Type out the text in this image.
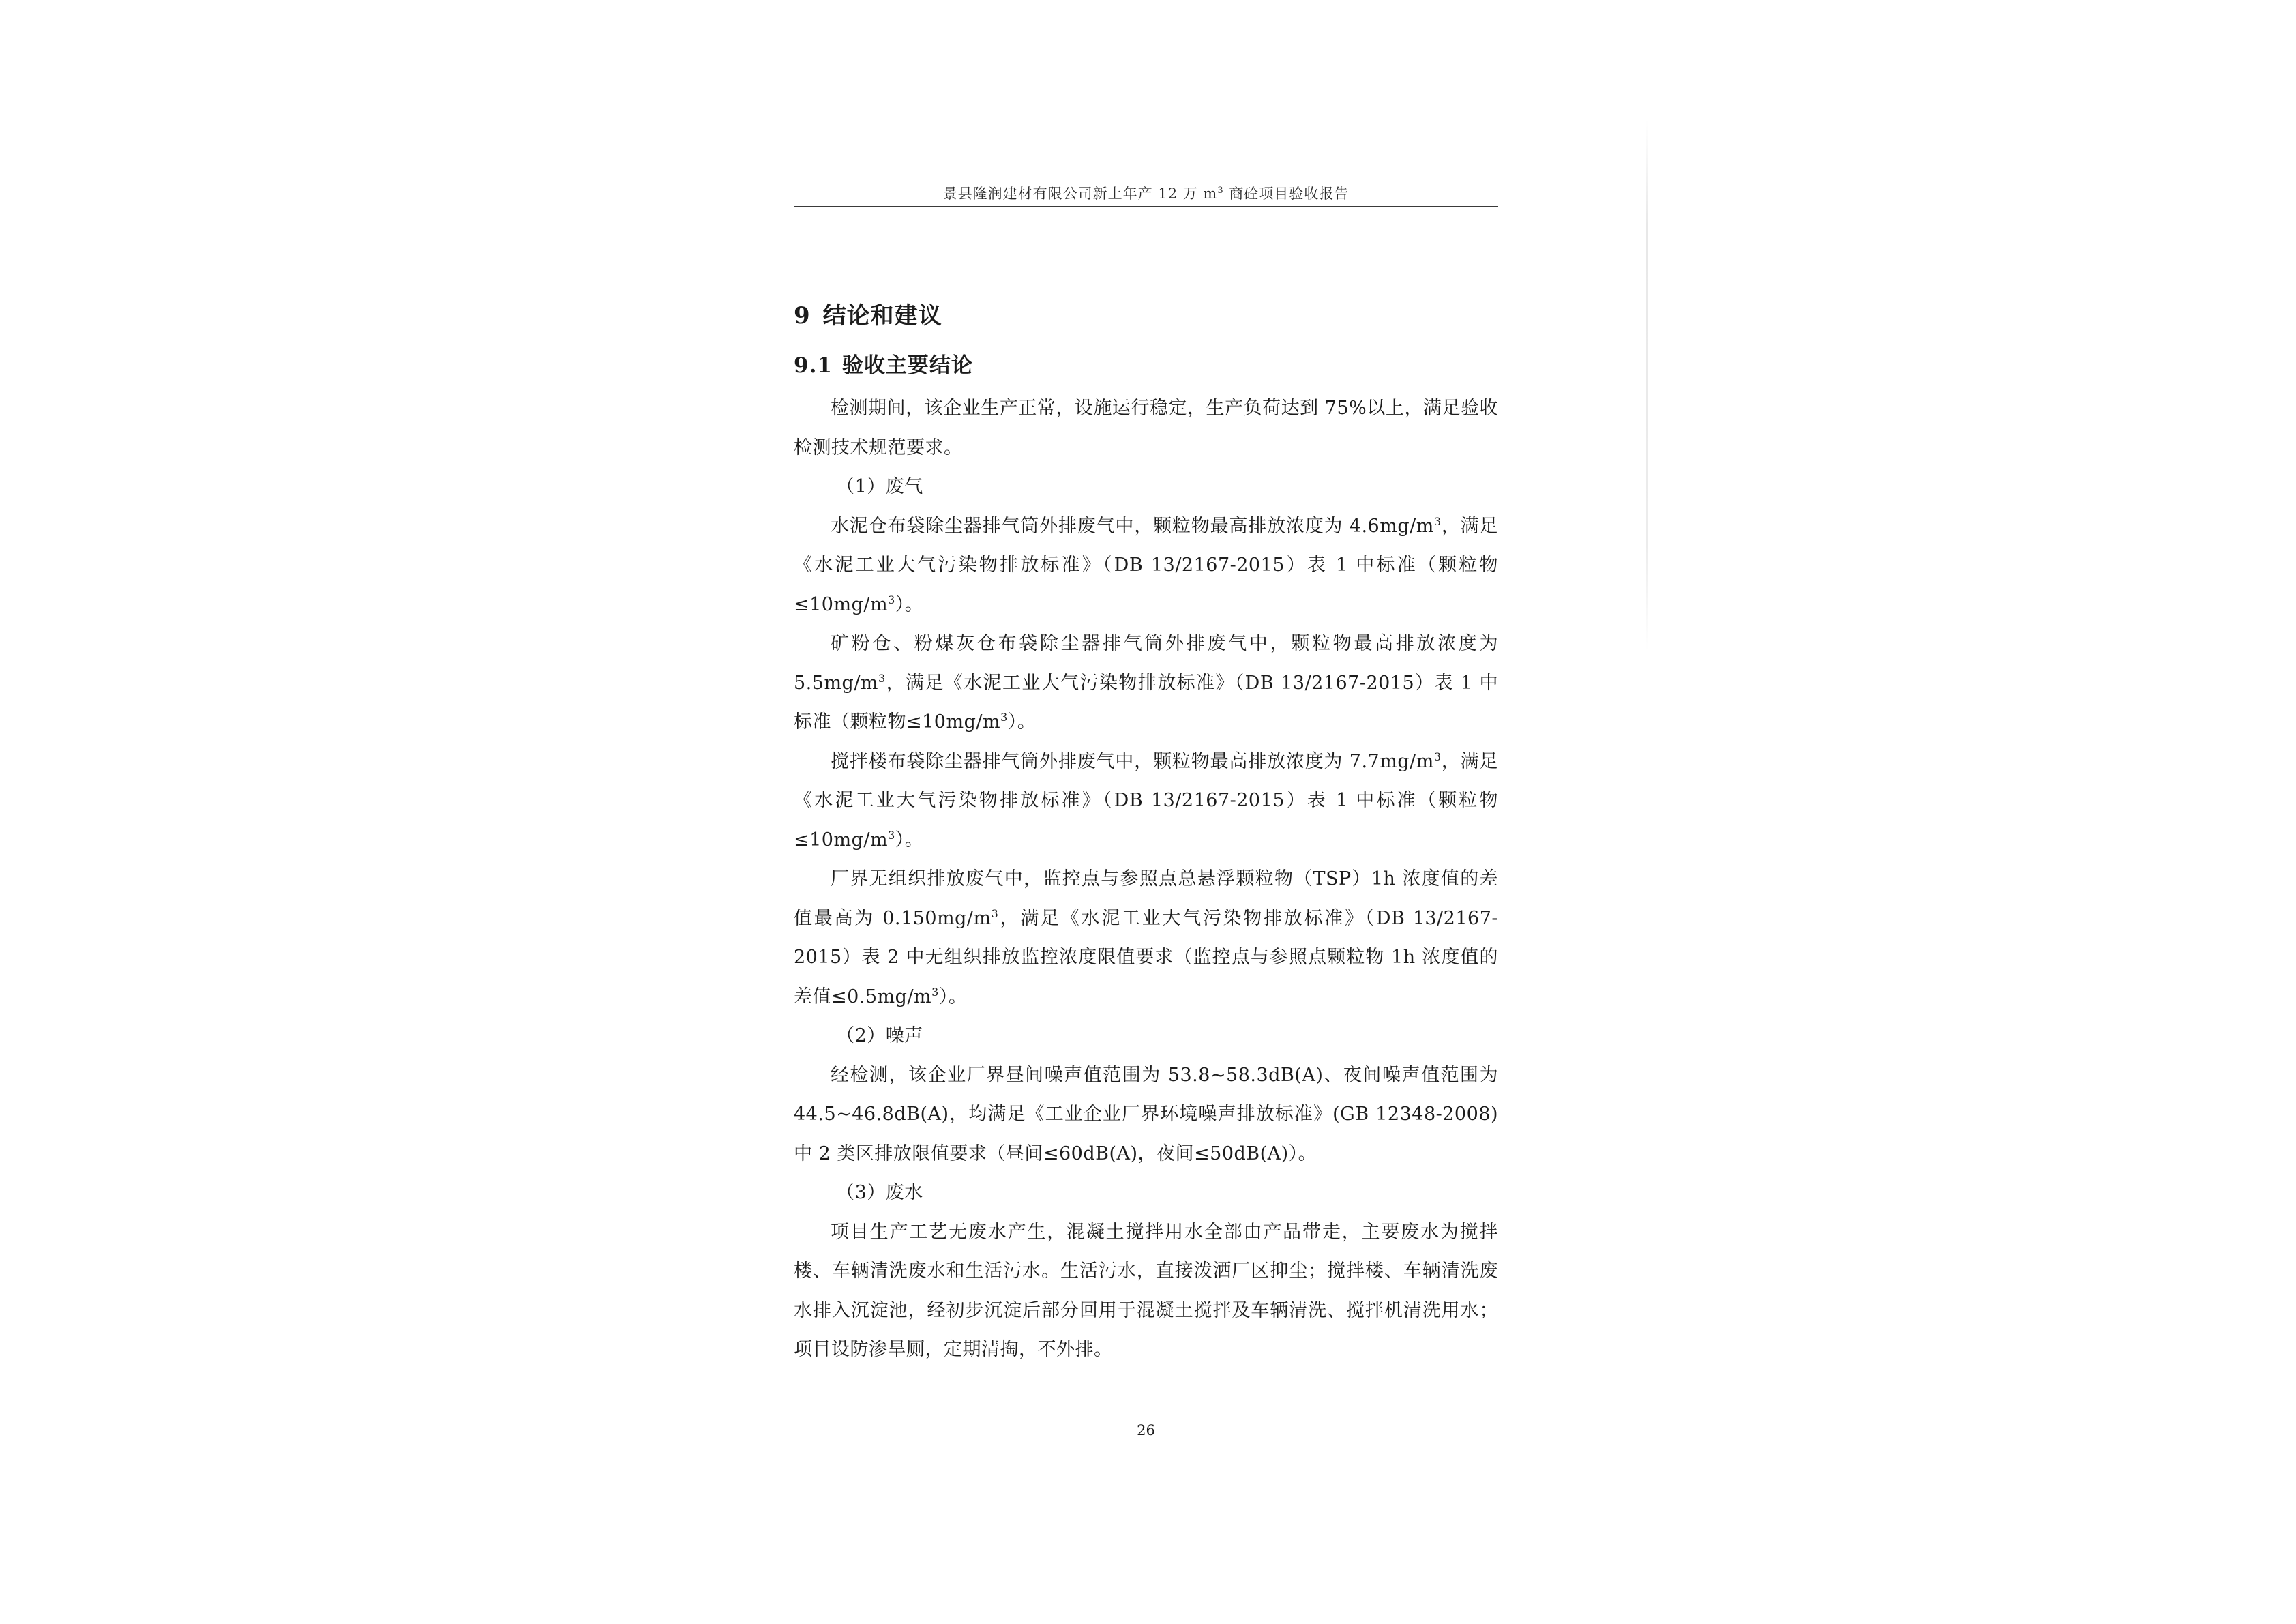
景县隆润建材有限公司新上年产 12 万 $m^3$ 商砼项目验收报告
9 结论和建议
9.1 验收主要结论

检测期间，该企业生产正常，设施运行稳定，生产负荷达到 75%以上，满足验收检测技术规范要求。

（1）废气

水泥仓布袋除尘器排气筒外排废气中，颗粒物最高排放浓度为 $4.6mg/m^3$，满足《水泥工业大气污染物排放标准》（DB 13/2167-2015）表 1 中标准（颗粒物$\le 10mg/m^3$）。

矿粉仓、粉煤灰仓布袋除尘器排气筒外排废气中，颗粒物最高排放浓度为 $5.5mg/m^3$，满足《水泥工业大气污染物排放标准》（DB 13/2167-2015）表 1 中标准（颗粒物$\le 10mg/m^3$）。

搅拌楼布袋除尘器排气筒外排废气中，颗粒物最高排放浓度为 $7.7mg/m^3$，满足《水泥工业大气污染物排放标准》（DB 13/2167-2015）表 1 中标准（颗粒物$\le 10mg/m^3$）。

厂界无组织排放废气中，监控点与参照点总悬浮颗粒物（TSP）1h 浓度值的差值最高为 $0.150mg/m^3$，满足《水泥工业大气污染物排放标准》（DB 13/2167-2015）表 2 中无组织排放监控浓度限值要求（监控点与参照点颗粒物 1h 浓度值的差值$\le 0.5mg/m^3$）。

（2）噪声

经检测，该企业厂界昼间噪声值范围为 53.8~58.3dB(A)、夜间噪声值范围为 44.5~46.8dB(A)，均满足《工业企业厂界环境噪声排放标准》(GB 12348-2008) 中 2 类区排放限值要求（昼间≤60dB(A)，夜间≤50dB(A)）。

（3）废水

项目生产工艺无废水产生，混凝土搅拌用水全部由产品带走，主要废水为搅拌楼、车辆清洗废水和生活污水。生活污水，直接泼洒厂区抑尘；搅拌楼、车辆清洗废水排入沉淀池，经初步沉淀后部分回用于混凝土搅拌及车辆清洗、搅拌机清洗用水；项目设防渗旱厕，定期清掏，不外排。

26
